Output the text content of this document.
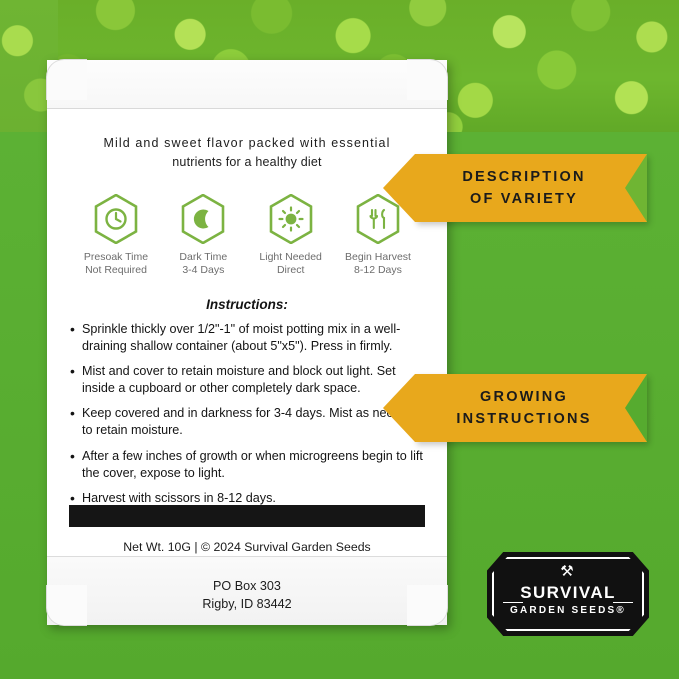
Mild and sweet flavor packed with essential
nutrients for a healthy diet
Presoak Time
Not Required
Dark Time
3-4 Days
Light Needed
Direct
Begin Harvest
8-12 Days
Instructions:
• Sprinkle thickly over 1/2"-1" of moist potting mix in a well-draining shallow container (about 5"x5"). Press in firmly.
• Mist and cover to retain moisture and block out light. Set inside a cupboard or other completely dark space.
• Keep covered and in darkness for 3-4 days. Mist as needed to retain moisture.
• After a few inches of growth or when microgreens begin to lift the cover, expose to light.
• Harvest with scissors in 8-12 days.
Net Wt. 10G | © 2024 Survival Garden Seeds
PO Box 303
Rigby, ID 83442
DESCRIPTION
OF VARIETY
GROWING
INSTRUCTIONS
⚒
SURVIVAL
GARDEN SEEDS®
